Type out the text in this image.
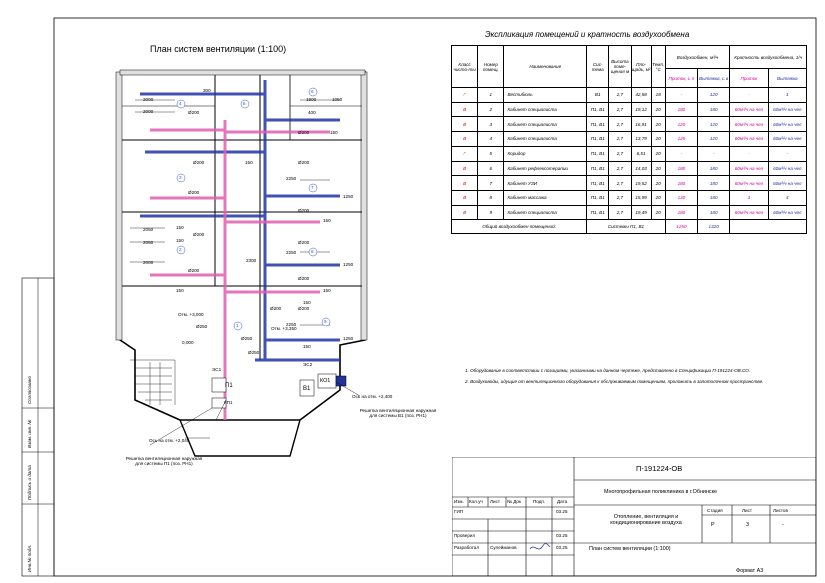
План систем вентиляции (1:100)
2000
2000
1900	1050
2050
2050
2000
2250
2250
2250
1250
1250
1250
2300
150
150
150
150
150
150
150
150
150
300
400
Ø200
Ø200
Ø200
Ø200
Ø200
Ø200
Ø200
Ø200
Ø200
Ø200
Ø200
Ø200
Ø250
Ø250
Ø250
4	5
6
3
7
2	8
1
9
Отм. +3,000
Отм. +3,350
0,000
П1
КП1
В1
КО1
ЭС1
ЭС2
Ось на отм. +2,400
Ось на отм. +2,040
Решетка вентиляционная наружная для системы В1 (поз. РН1)
Решетка вентиляционная наружная для системы П1 (поз. РН1)
Экспликация помещений и кратность воздухообмена
Класс чисто-ты	Номер помещ.	Наименование	Сис-тема	Высота поме-щения м	Пло-щадь, м²	Темп. °С	Воздухообмен, м³/ч		Кратность воздухообмена, 1/ч	
							Приток, L п	Вытяжка, L в	Приток	Вытяжка
Г	1	Вестибюль	В1	2,7	42,58	18	-	120	-	1
В	2	Кабинет специалиста	П1, В1	2,7	19,12	20	180	180	60м³/ч на чел	60м³/ч на чел
В	3	Кабинет специалиста	П1, В1	2,7	16,91	20	120	120	60м³/ч на чел	60м³/ч на чел
В	4	Кабинет специалиста	П1, В1	2,7	13,79	20	120	120	60м³/ч на чел	60м³/ч на чел
Г	5	Коридор	П1, В1	2,7	6,51	20	-	-	-	-
В	6	Кабинет рефлексотерапии	П1, В1	2,7	14,03	20	180	180	60м³/ч на чел	60м³/ч на чел
В	7	Кабинет УЗИ	П1, В1	2,7	19,52	20	180	180	60м³/ч на чел	60м³/ч на чел
В	8	Кабинет массажа	П1, В1	2,7	15,99	20	130	180	3	4
В	9	Кабинет специалиста	П1, В1	2,7	19,49	20	180	180	60м³/ч на чел	60м³/ч на чел
Общий воздухообмен помещений:			Системы П1, В1				1250	1320		
1. Оборудование в соответствии с позициями, указанными на данном чертеже, представлено в Спецификации П-191224-ОВ.СО.
2. Воздуховоды, идущие от вентиляционного оборудования к обслуживаемым помещениям, проложить в запотолочном пространстве.
П-191224-ОВ
Многопрофильная поликлиника в г.Обнинске
Отопление, вентиляция и кондиционирование воздуха
План систем вентиляции (1:100)
Изм. Кол.уч Лист № Док	Подп.	Дата
ГИП	03.25
Проверил	03.25
Разработал Сулейманов	03.25
Стадия	Лист	Листов
Р	3	-
Формат А3
Согласовано
Взам. инв. №
Подпись и дата
Инв.№ подл.
